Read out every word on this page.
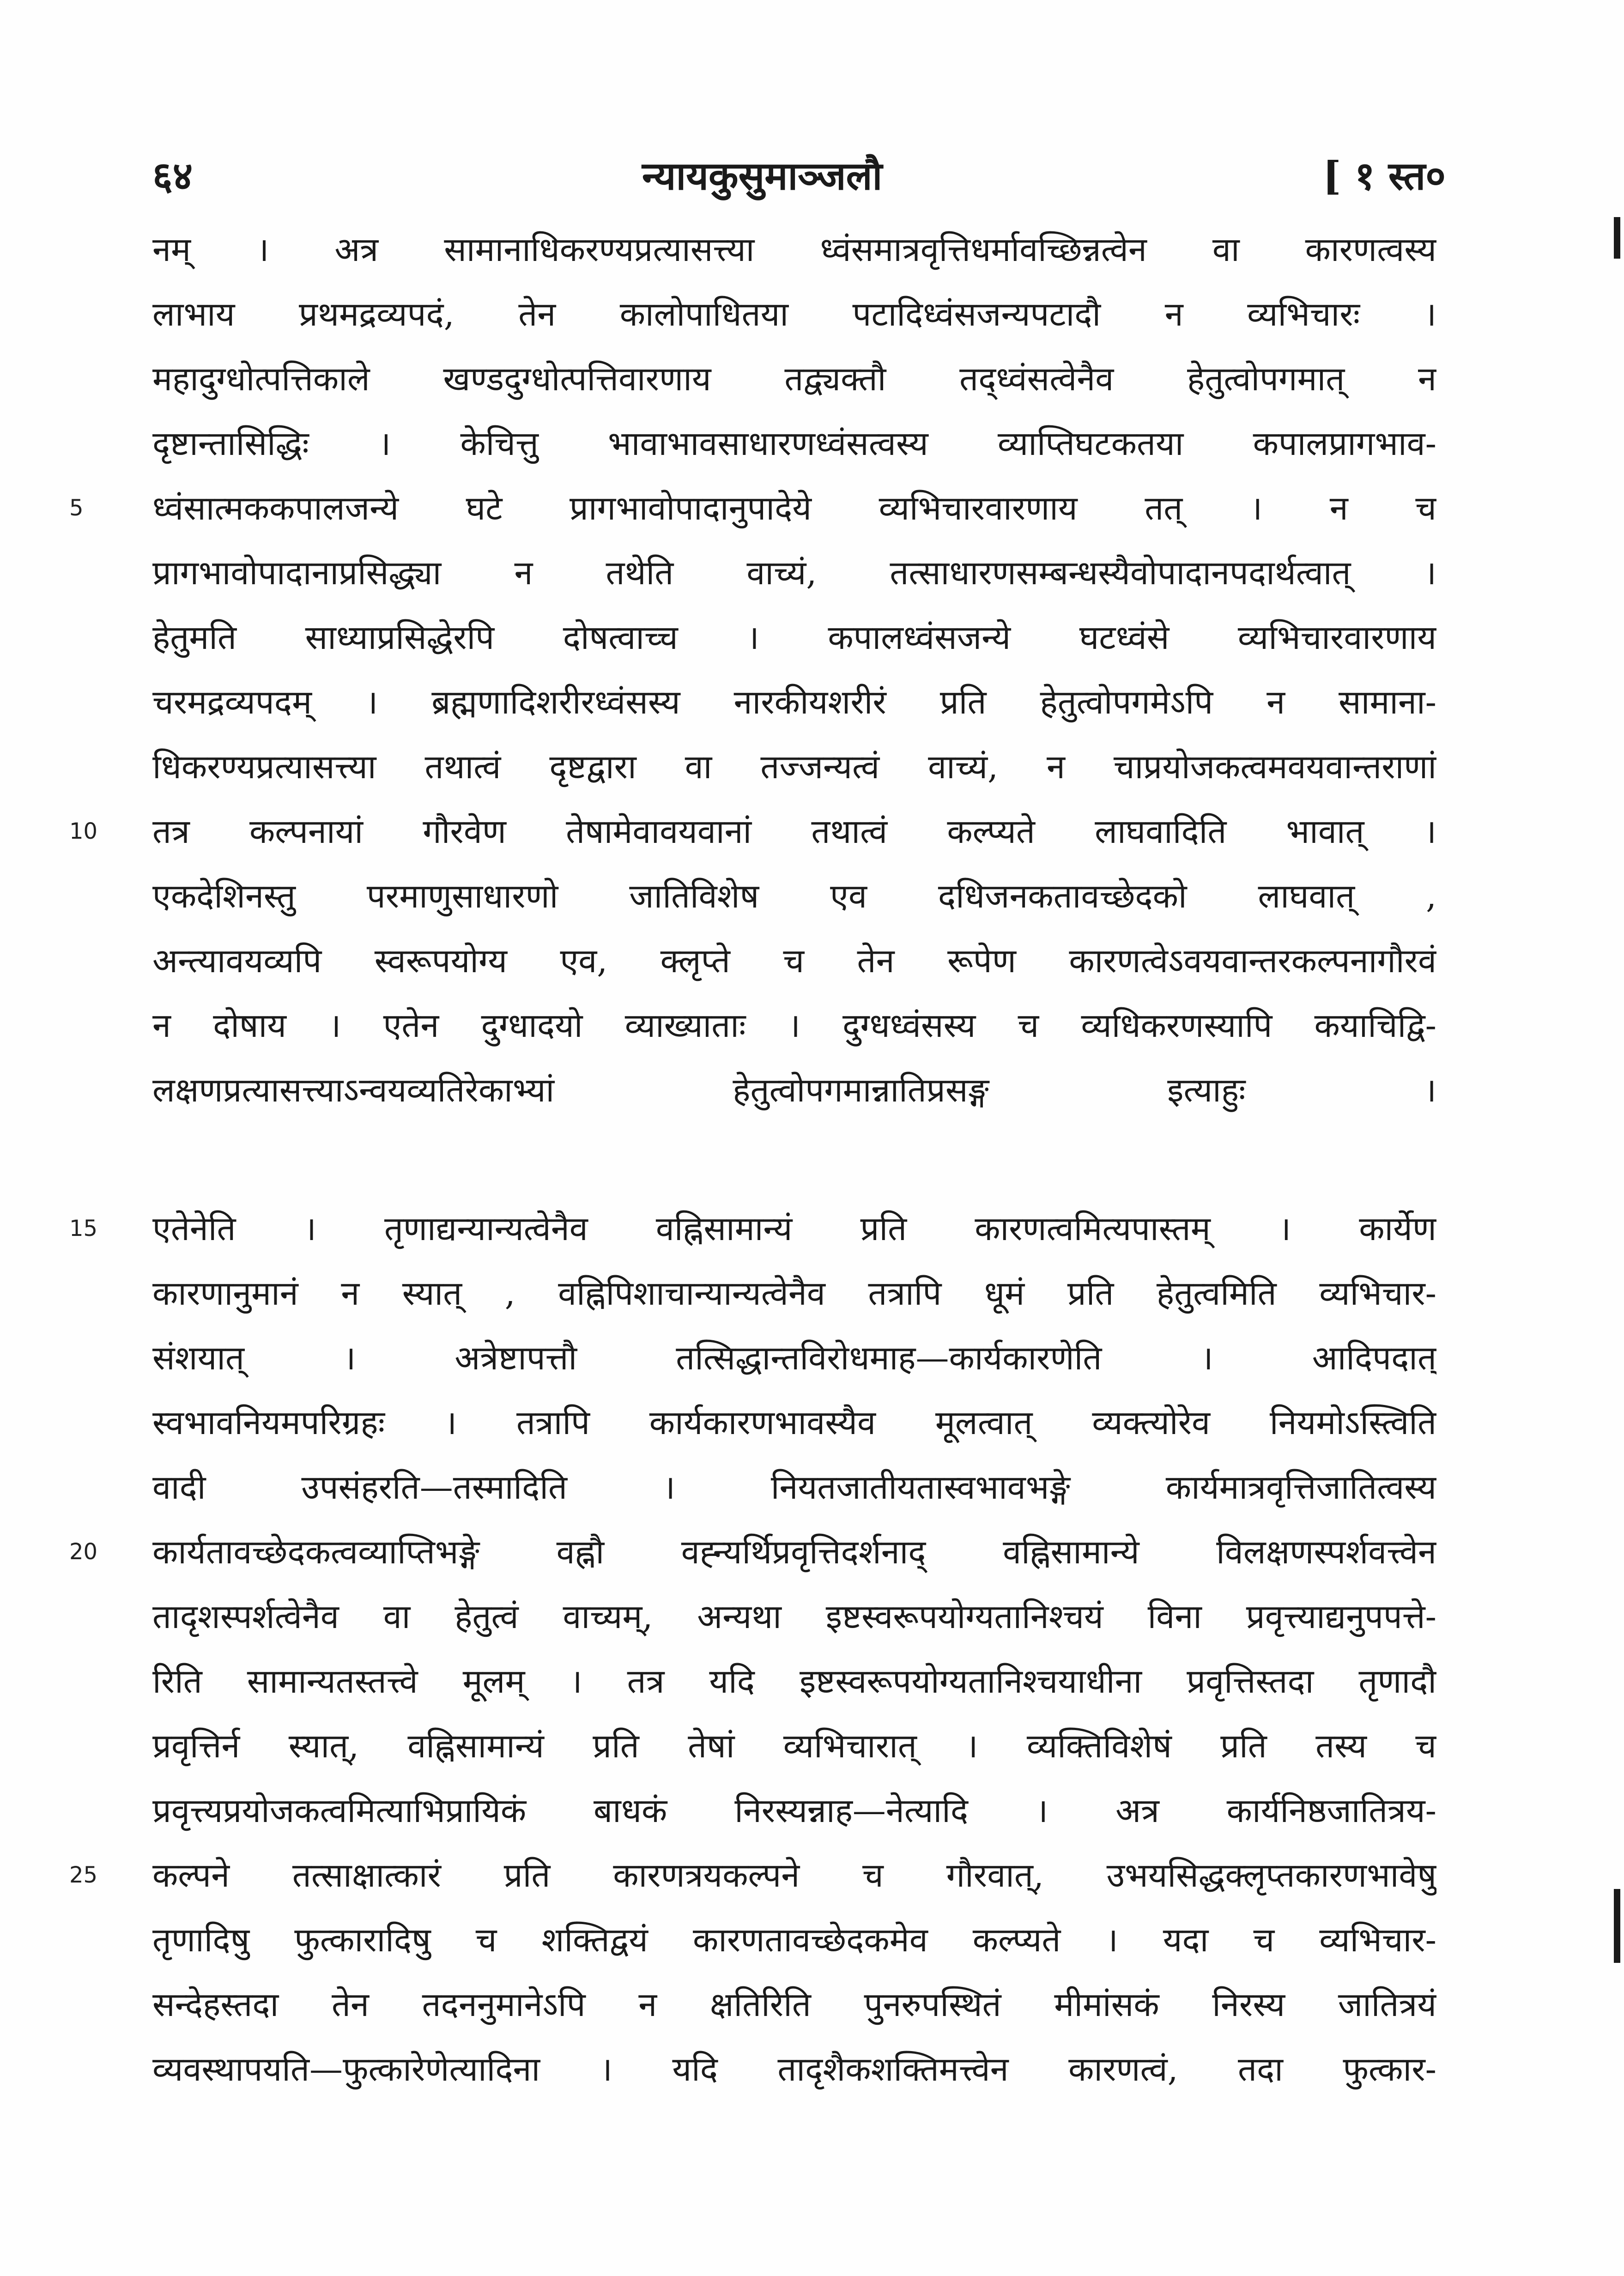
६४	न्यायकुसुमाञ्जलौ	[ १ स्त०
नम् । अत्र सामानाधिकरण्यप्रत्यासत्त्या ध्वंसमात्रवृत्तिधर्मावच्छिन्नत्वेन वा कारणत्वस्य
लाभाय प्रथमद्रव्यपदं, तेन कालोपाधितया पटादिध्वंसजन्यपटादौ न व्यभिचारः ।
महादुग्धोत्पत्तिकाले खण्डदुग्धोत्पत्तिवारणाय तद्व्यक्तौ तद्ध्वंसत्वेनैव हेतुत्वोपगमात् न
दृष्टान्तासिद्धिः । केचित्तु भावाभावसाधारणध्वंसत्वस्य व्याप्तिघटकतया कपालप्रागभाव-
ध्वंसात्मककपालजन्ये घटे प्रागभावोपादानुपादेये व्यभिचारवारणाय तत् । न च
प्रागभावोपादानाप्रसिद्ध्या न तथेति वाच्यं, तत्साधारणसम्बन्धस्यैवोपादानपदार्थत्वात् ।
हेतुमति साध्याप्रसिद्धेरपि दोषत्वाच्च । कपालध्वंसजन्ये घटध्वंसे व्यभिचारवारणाय
चरमद्रव्यपदम् । ब्रह्मणादिशरीरध्वंसस्य नारकीयशरीरं प्रति हेतुत्वोपगमेऽपि न सामाना-
धिकरण्यप्रत्यासत्त्या तथात्वं दृष्टद्वारा वा तज्जन्यत्वं वाच्यं, न चाप्रयोजकत्वमवयवान्तराणां
तत्र कल्पनायां गौरवेण तेषामेवावयवानां तथात्वं कल्प्यते लाघवादिति भावात् ।
एकदेशिनस्तु परमाणुसाधारणो जातिविशेष एव दधिजनकतावच्छेदको लाघवात् ,
अन्त्यावयव्यपि स्वरूपयोग्य एव, क्लृप्ते च तेन रूपेण कारणत्वेऽवयवान्तरकल्पनागौरवं
न दोषाय । एतेन दुग्धादयो व्याख्याताः । दुग्धध्वंसस्य च व्यधिकरणस्यापि कयाचिद्वि-
लक्षणप्रत्यासत्त्याऽन्वयव्यतिरेकाभ्यां हेतुत्वोपगमान्नातिप्रसङ्ग इत्याहुः ।
एतेनेति । तृणाद्यन्यान्यत्वेनैव वह्निसामान्यं प्रति कारणत्वमित्यपास्तम् । कार्येण
कारणानुमानं न स्यात् , वह्निपिशाचान्यान्यत्वेनैव तत्रापि धूमं प्रति हेतुत्वमिति व्यभिचार-
संशयात् । अत्रेष्टापत्तौ तत्सिद्धान्तविरोधमाह—कार्यकारणेति । आदिपदात्
स्वभावनियमपरिग्रहः । तत्रापि कार्यकारणभावस्यैव मूलत्वात् व्यक्त्योरेव नियमोऽस्त्विति
वादी उपसंहरति—तस्मादिति । नियतजातीयतास्वभावभङ्गे कार्यमात्रवृत्तिजातित्वस्य
कार्यतावच्छेदकत्वव्याप्तिभङ्गे वह्नौ वह्न्यर्थिप्रवृत्तिदर्शनाद् वह्निसामान्ये विलक्षणस्पर्शवत्त्वेन
तादृशस्पर्शत्वेनैव वा हेतुत्वं वाच्यम्, अन्यथा इष्टस्वरूपयोग्यतानिश्चयं विना प्रवृत्त्याद्यनुपपत्ते-
रिति सामान्यतस्तत्त्वे मूलम् । तत्र यदि इष्टस्वरूपयोग्यतानिश्चयाधीना प्रवृत्तिस्तदा तृणादौ
प्रवृत्तिर्न स्यात्, वह्निसामान्यं प्रति तेषां व्यभिचारात् । व्यक्तिविशेषं प्रति तस्य च
प्रवृत्त्यप्रयोजकत्वमित्याभिप्रायिकं बाधकं निरस्यन्नाह—नेत्यादि । अत्र कार्यनिष्ठजातित्रय-
कल्पने तत्साक्षात्कारं प्रति कारणत्रयकल्पने च गौरवात्, उभयसिद्धक्लृप्तकारणभावेषु
तृणादिषु फुत्कारादिषु च शक्तिद्वयं कारणतावच्छेदकमेव कल्प्यते । यदा च व्यभिचार-
सन्देहस्तदा तेन तदननुमानेऽपि न क्षतिरिति पुनरुपस्थितं मीमांसकं निरस्य जातित्रयं
व्यवस्थापयति—फुत्कारेणेत्यादिना । यदि तादृशैकशक्तिमत्त्वेन कारणत्वं, तदा फुत्कार-
5
10
15
20
25
